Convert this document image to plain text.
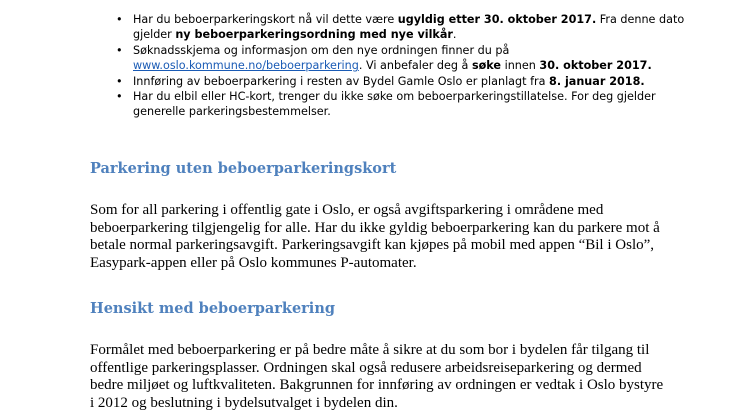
• Har du beboerparkeringskort nå vil dette være ugyldig etter 30. oktober 2017. Fra denne dato gjelder ny beboerparkeringsordning med nye vilkår.
• Søknadsskjema og informasjon om den nye ordningen finner du på www.oslo.kommune.no/beboerparkering. Vi anbefaler deg å søke innen 30. oktober 2017.
• Innføring av beboerparkering i resten av Bydel Gamle Oslo er planlagt fra 8. januar 2018.
• Har du elbil eller HC-kort, trenger du ikke søke om beboerparkeringstillatelse. For deg gjelder generelle parkeringsbestemmelser.
Parkering uten beboerparkeringskort

Som for all parkering i offentlig gate i Oslo, er også avgiftsparkering i områdene med beboerparkering tilgjengelig for alle. Har du ikke gyldig beboerparkering kan du parkere mot å betale normal parkeringsavgift. Parkeringsavgift kan kjøpes på mobil med appen “Bil i Oslo”, Easypark-appen eller på Oslo kommunes P-automater.

Hensikt med beboerparkering

Formålet med beboerparkering er på bedre måte å sikre at du som bor i bydelen får tilgang til offentlige parkeringsplasser. Ordningen skal også redusere arbeidsreiseparkering og dermed bedre miljøet og luftkvaliteten. Bakgrunnen for innføring av ordningen er vedtak i Oslo bystyre i 2012 og beslutning i bydelsutvalget i bydelen din.
